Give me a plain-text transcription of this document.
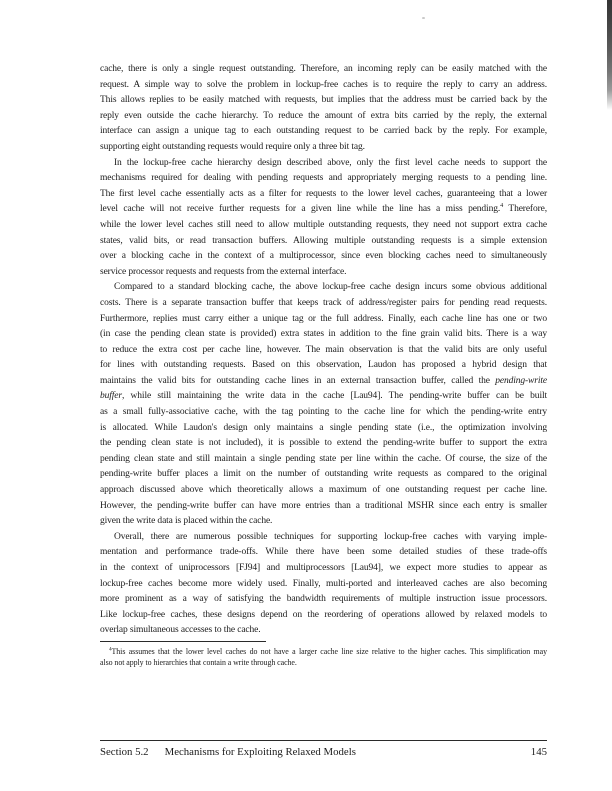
cache, there is only a single request outstanding. Therefore, an incoming reply can be easily matched with the
request. A simple way to solve the problem in lockup-free caches is to require the reply to carry an address.
This allows replies to be easily matched with requests, but implies that the address must be carried back by the
reply even outside the cache hierarchy. To reduce the amount of extra bits carried by the reply, the external
interface can assign a unique tag to each outstanding request to be carried back by the reply. For example,
supporting eight outstanding requests would require only a three bit tag.
In the lockup-free cache hierarchy design described above, only the first level cache needs to support the
mechanisms required for dealing with pending requests and appropriately merging requests to a pending line.
The first level cache essentially acts as a filter for requests to the lower level caches, guaranteeing that a lower
level cache will not receive further requests for a given line while the line has a miss pending.$^4$ Therefore,
while the lower level caches still need to allow multiple outstanding requests, they need not support extra cache
states, valid bits, or read transaction buffers. Allowing multiple outstanding requests is a simple extension
over a blocking cache in the context of a multiprocessor, since even blocking caches need to simultaneously
service processor requests and requests from the external interface.
Compared to a standard blocking cache, the above lockup-free cache design incurs some obvious additional
costs. There is a separate transaction buffer that keeps track of address/register pairs for pending read requests.
Furthermore, replies must carry either a unique tag or the full address. Finally, each cache line has one or two
(in case the pending clean state is provided) extra states in addition to the fine grain valid bits. There is a way
to reduce the extra cost per cache line, however. The main observation is that the valid bits are only useful
for lines with outstanding requests. Based on this observation, Laudon has proposed a hybrid design that
maintains the valid bits for outstanding cache lines in an external transaction buffer, called the pending-write
buffer, while still maintaining the write data in the cache [Lau94]. The pending-write buffer can be built
as a small fully-associative cache, with the tag pointing to the cache line for which the pending-write entry
is allocated. While Laudon's design only maintains a single pending state (i.e., the optimization involving
the pending clean state is not included), it is possible to extend the pending-write buffer to support the extra
pending clean state and still maintain a single pending state per line within the cache. Of course, the size of the
pending-write buffer places a limit on the number of outstanding write requests as compared to the original
approach discussed above which theoretically allows a maximum of one outstanding request per cache line.
However, the pending-write buffer can have more entries than a traditional MSHR since each entry is smaller
given the write data is placed within the cache.
Overall, there are numerous possible techniques for supporting lockup-free caches with varying imple-
mentation and performance trade-offs. While there have been some detailed studies of these trade-offs
in the context of uniprocessors [FJ94] and multiprocessors [Lau94], we expect more studies to appear as
lockup-free caches become more widely used. Finally, multi-ported and interleaved caches are also becoming
more prominent as a way of satisfying the bandwidth requirements of multiple instruction issue processors.
Like lockup-free caches, these designs depend on the reordering of operations allowed by relaxed models to
overlap simultaneous accesses to the cache.
$^4$This assumes that the lower level caches do not have a larger cache line size relative to the higher caches. This simplification may
also not apply to hierarchies that contain a write through cache.
Section 5.2 Mechanisms for Exploiting Relaxed Models	145
